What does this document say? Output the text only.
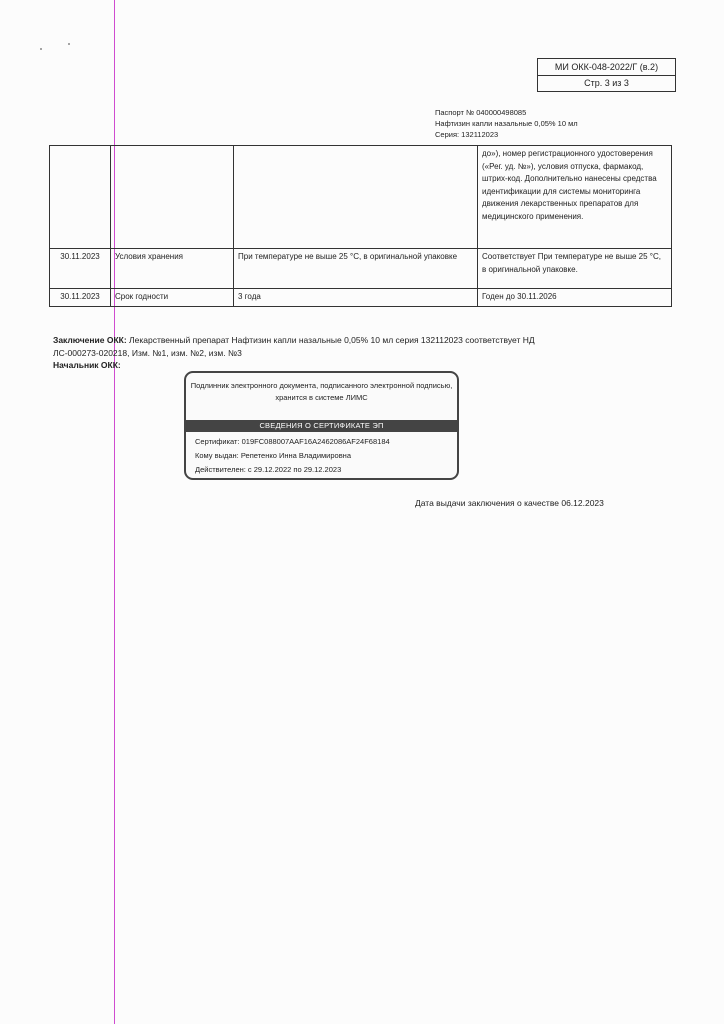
МИ ОКК-048-2022/Г (в.2)
Стр. 3 из 3
Паспорт № 040000498085
Нафтизин капли назальные 0,05% 10 мл
Серия: 132112023
			до»), номер регистрационного удостоверения («Рег. уд. №»), условия отпуска, фармакод, штрих-код. Дополнительно нанесены средства идентификации для системы мониторинга движения лекарственных препаратов для медицинского применения.
30.11.2023	Условия хранения	При температуре не выше 25 °С, в оригинальной упаковке	Соответствует При температуре не выше 25 °С, в оригинальной упаковке.
30.11.2023	Срок годности	3 года	Годен до 30.11.2026
Заключение ОКК: Лекарственный препарат Нафтизин капли назальные 0,05% 10 мл серия 132112023 соответствует НД ЛС-000273-020218, Изм. №1, изм. №2, изм. №3
Начальник ОКК:
Подлинник электронного документа, подписанного электронной подписью, хранится в системе ЛИМС
СВЕДЕНИЯ О СЕРТИФИКАТЕ ЭП
Сертификат: 019FC088007AAF16A2462086AF24F68184
Кому выдан: Репетенко Инна Владимировна
Действителен: с 29.12.2022 по 29.12.2023
Дата выдачи заключения о качестве 06.12.2023
